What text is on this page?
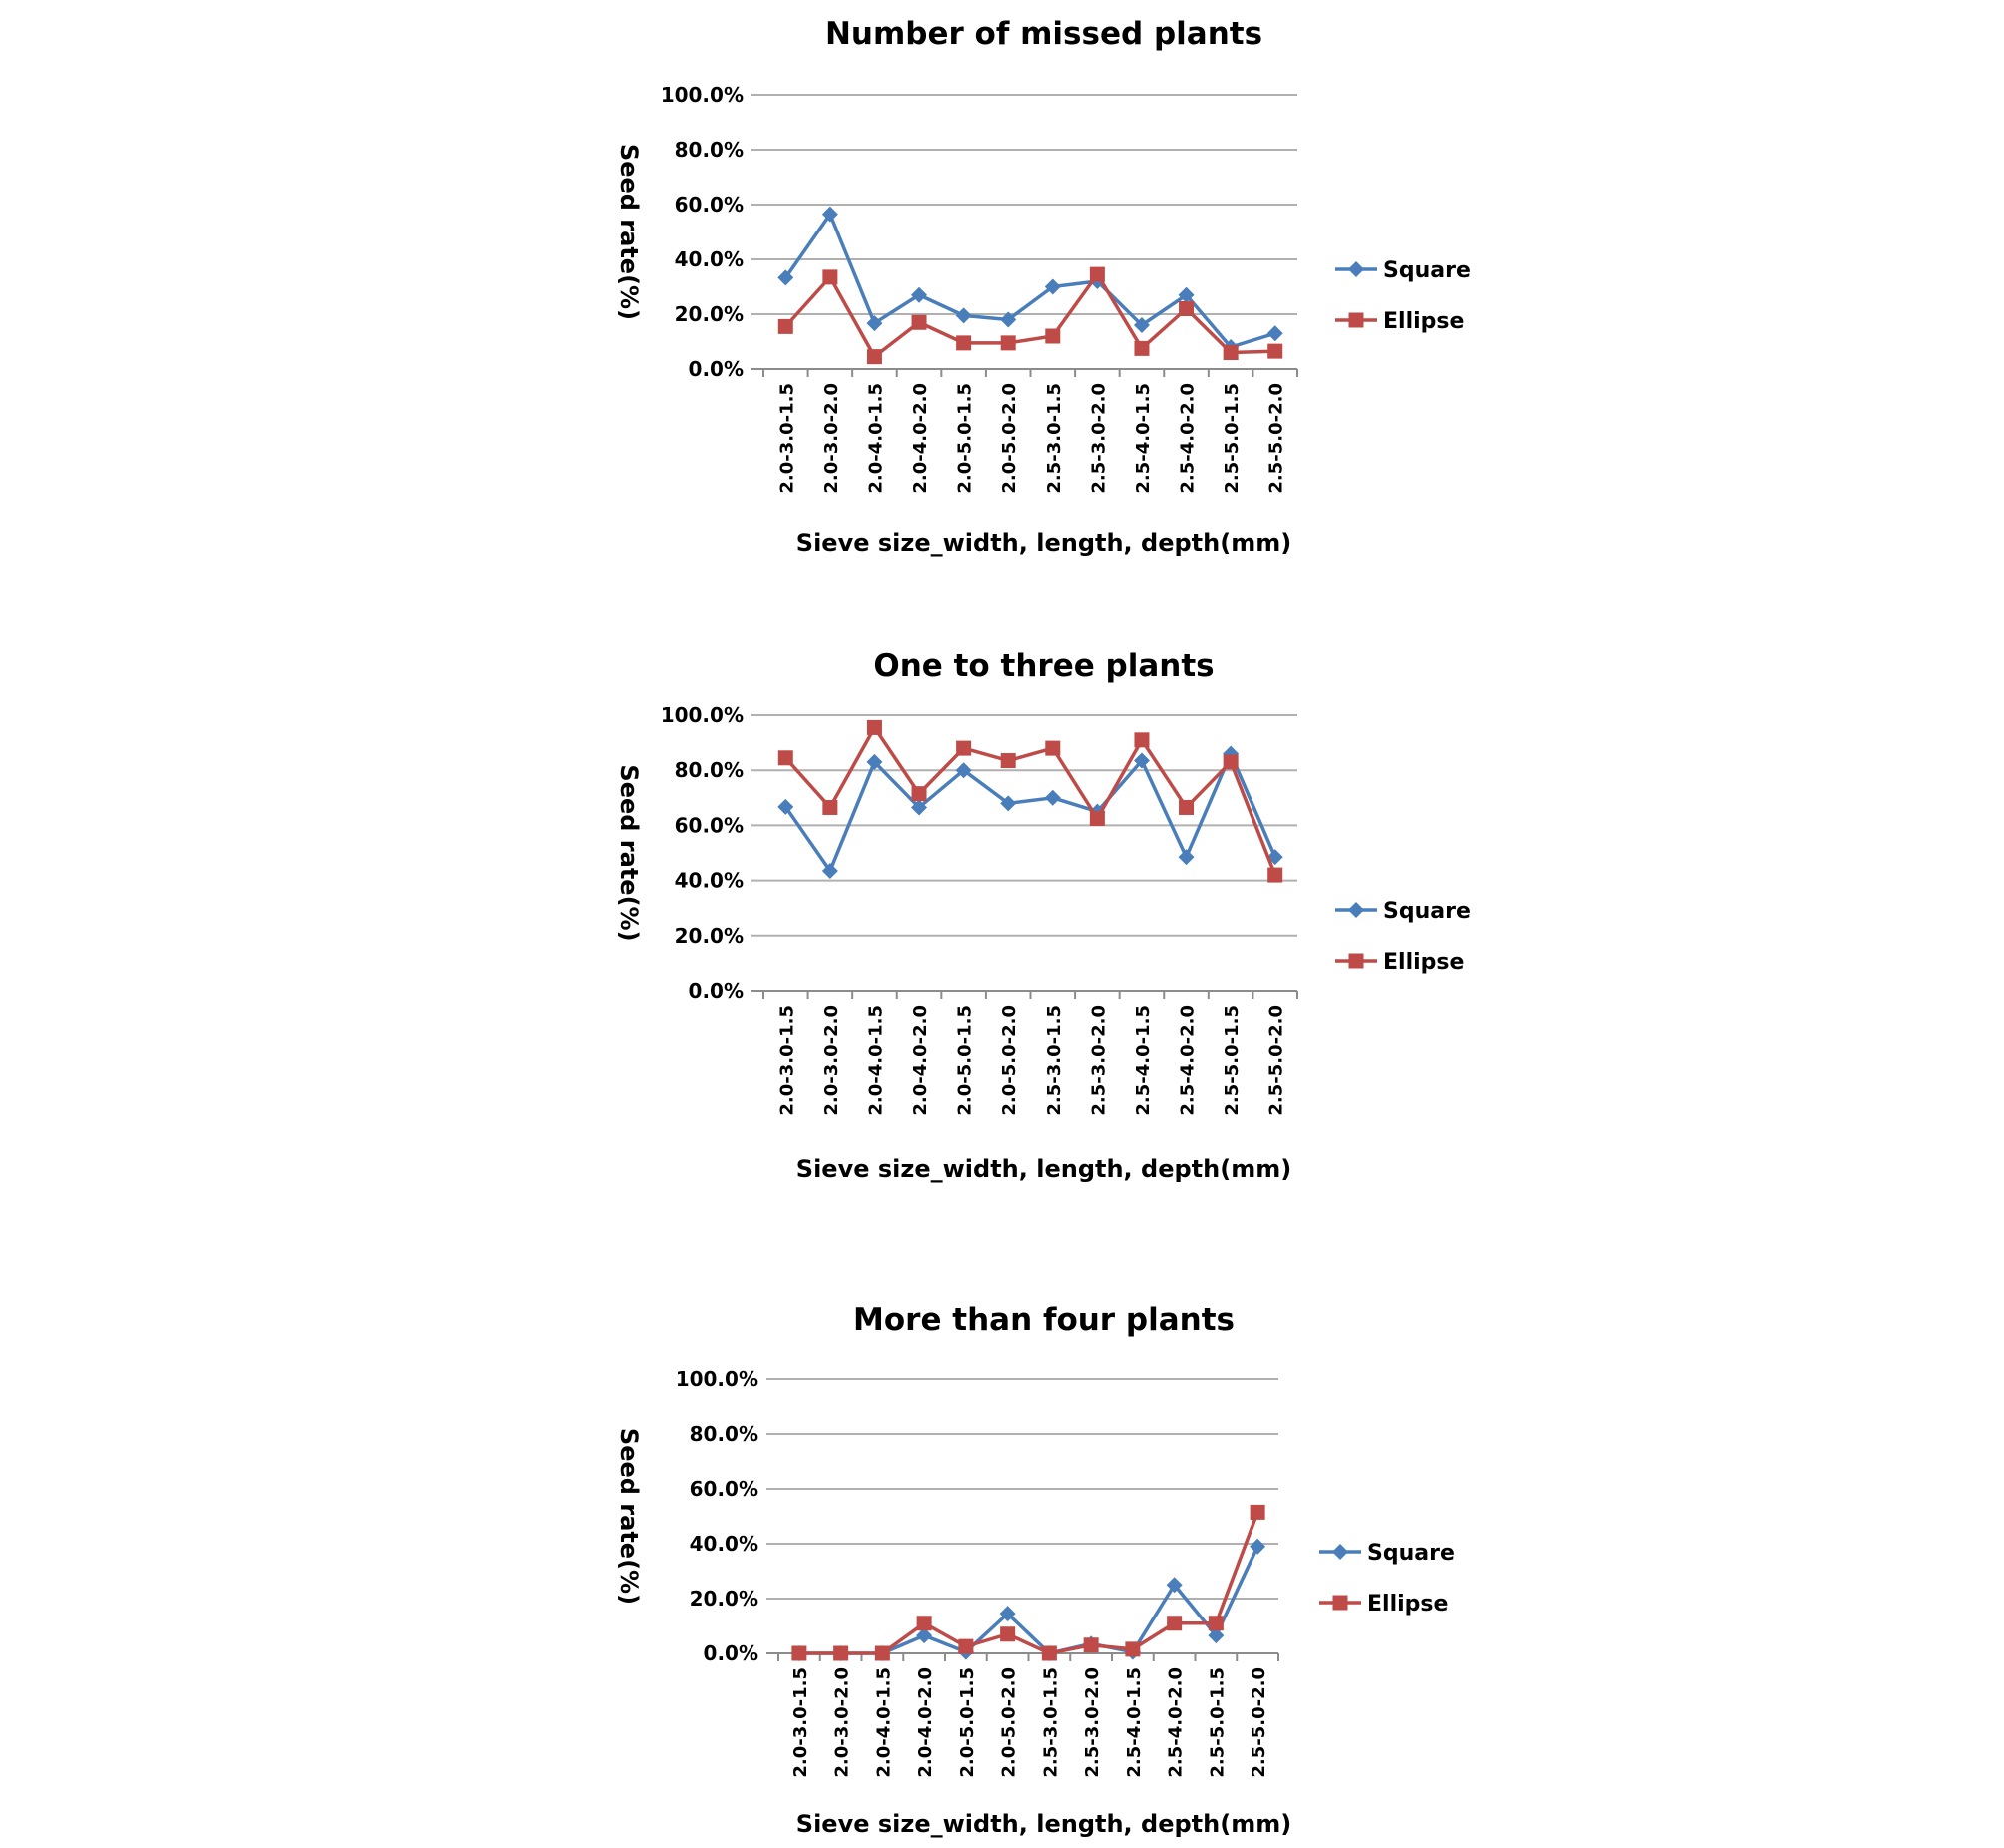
Number of missed plants
0.0%
20.0%
40.0%
60.0%
80.0%
100.0%
2.0-3.0-1.5 2.0-3.0-2.0 2.0-4.0-1.5 2.0-4.0-2.0 2.0-5.0-1.5 2.0-5.0-2.0 2.5-3.0-1.5 2.5-3.0-2.0 2.5-4.0-1.5 2.5-4.0-2.0 2.5-5.0-1.5 2.5-5.0-2.0
Sieve size_width, length, depth(mm)
Seed rate(%)	Square
Ellipse
One to three plants
0.0%
20.0%
40.0%
60.0%
80.0%
100.0%
2.0-3.0-1.5 2.0-3.0-2.0 2.0-4.0-1.5 2.0-4.0-2.0 2.0-5.0-1.5 2.0-5.0-2.0 2.5-3.0-1.5 2.5-3.0-2.0 2.5-4.0-1.5 2.5-4.0-2.0 2.5-5.0-1.5 2.5-5.0-2.0
Sieve size_width, length, depth(mm)
Seed rate(%)	Square
Ellipse
More than four plants
0.0%
20.0%
40.0%
60.0%
80.0%
100.0%
2.0-3.0-1.5 2.0-3.0-2.0 2.0-4.0-1.5 2.0-4.0-2.0 2.0-5.0-1.5 2.0-5.0-2.0 2.5-3.0-1.5 2.5-3.0-2.0 2.5-4.0-1.5 2.5-4.0-2.0 2.5-5.0-1.5 2.5-5.0-2.0
Sieve size_width, length, depth(mm)
Seed rate(%)	Square
Ellipse
